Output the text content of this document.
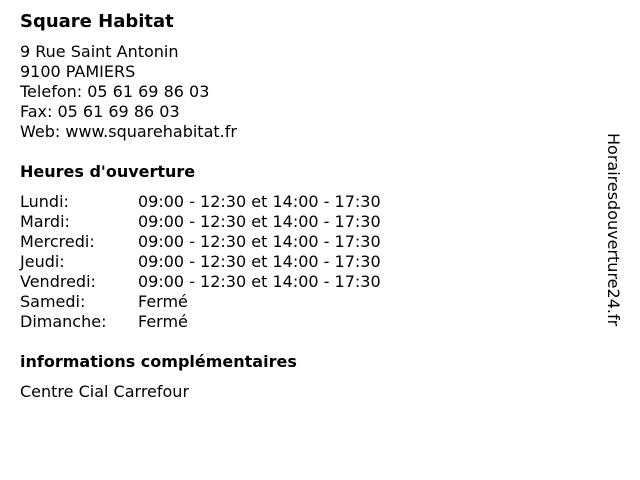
Square Habitat
9 Rue Saint Antonin
9100 PAMIERS
Telefon: 05 61 69 86 03
Fax: 05 61 69 86 03
Web: www.squarehabitat.fr
Heures d'ouverture
Lundi:	09:00 - 12:30 et 14:00 - 17:30
Mardi:	09:00 - 12:30 et 14:00 - 17:30
Mercredi:	09:00 - 12:30 et 14:00 - 17:30
Jeudi:	09:00 - 12:30 et 14:00 - 17:30
Vendredi:	09:00 - 12:30 et 14:00 - 17:30
Samedi:	Fermé
Dimanche:	Fermé
informations complémentaires
Centre Cial Carrefour
Horairesdouverture24.fr
